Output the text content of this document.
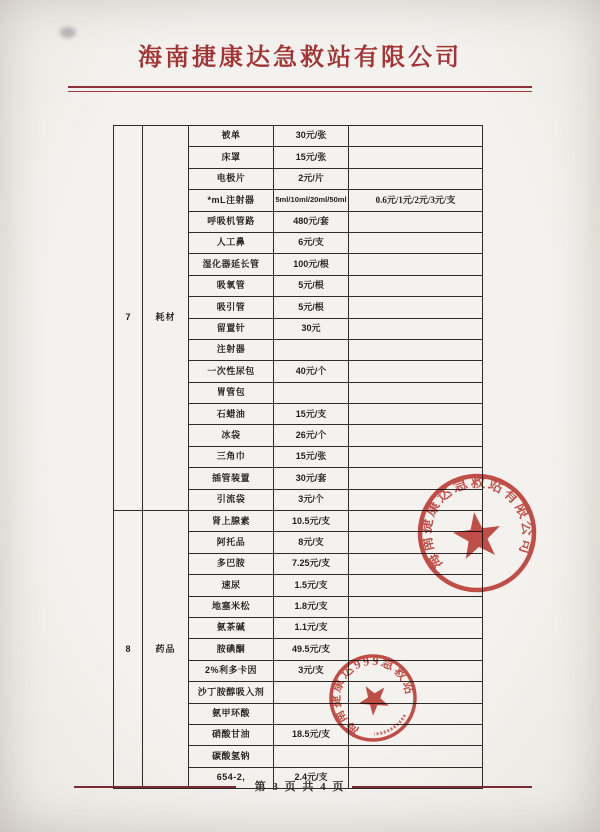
海南捷康达急救站有限公司
7	耗材	被单	30元/张	
		床罩	15元/张	
		电极片	2元/片	
		*mL注射器	5ml/10ml/20ml/50ml	0.6元/1元/2元/3元/支
		呼吸机管路	480元/套	
		人工鼻	6元/支	
		湿化器延长管	100元/根	
		吸氧管	5元/根	
		吸引管	5元/根	
		留置针	30元	
		注射器		
		一次性尿包	40元/个	
		胃管包		
		石蜡油	15元/支	
		冰袋	26元/个	
		三角巾	15元/张	
		插管装置	30元/套	
		引流袋	3元/个	
8	药品	肾上腺素	10.5元/支	
		阿托品	8元/支	
		多巴胺	7.25元/支	
		速尿	1.5元/支	
		地塞米松	1.8元/支	
		氨茶碱	1.1元/支	
		胺碘酮	49.5元/支	
		2%利多卡因	3元/支	
		沙丁胺醇吸入剂		
		氨甲环酸		
		硝酸甘油	18.5元/支	
		碳酸氢钠		
		654-2,	2.4元/支	
海南捷康达急救站有限公司
海南捷康达999急救站
第 3 页 共 4 页
